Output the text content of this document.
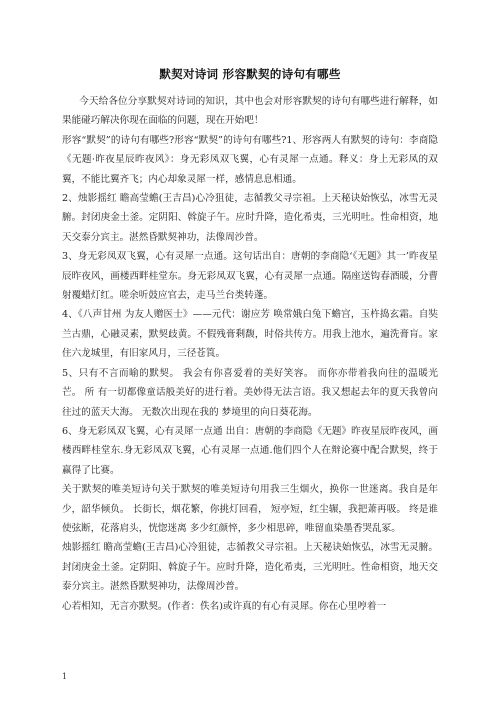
默契对诗词 形容默契的诗句有哪些

今天给各位分享默契对诗词的知识，其中也会对形容默契的诗句有哪些进行解释，如果能碰巧解决你现在面临的问题，现在开始吧！

形容“默契”的诗句有哪些?形容“默契”的诗句有哪些?1、形容两人有默契的诗句：李商隐《无题·昨夜星辰昨夜风》：身无彩凤双飞翼，心有灵犀一点通。释义：身上无彩凤的双翼，不能比翼齐飞；内心却象灵犀一样，感情息息相通。

2、烛影摇红 瞻高莹蟾(王吉昌)心冷狙徒，志循教父寻宗祖。上天秘诀始恢弘，冰雪无灵腑。封闭庚金土釜。定阴阳、斡旋子午。应时升降，造化希夷，三光明吐。性命相资，地天交泰分宾主。湛然昏默契神功，法像周沙普。

3、身无彩凤双飞翼，心有灵犀一点通。这句话出自：唐朝的李商隐‘《无题》其一’昨夜星辰昨夜风，画楼西畔桂堂东。身无彩凤双飞翼，心有灵犀一点通。隔座送钩春酒暖，分曹射覆蜡灯红。嗟余听鼓应官去，走马兰台类转蓬。

4、《八声甘州 为友人赠医士》——元代：谢应芳 唤常娥白兔下蟾宫，玉杵捣玄霜。自奘兰古鼎，心融灵素，默契歧黄。不假残膏剩馥，时俗共传方。用我上池水，遍洗膏肓。家住六龙城里，有旧家风月，三径苍筤。

5、只有不言而喻的默契。 我会有你喜爱着的美好笑容。 而你亦带着我向往的温暖光芒。 所 有一切都像童话般美好的进行着。美妙得无法言语。我又想起去年的夏天我曾向往过的蓝天大海。 无数次出现在我的 梦境里的向日葵花海。

6、身无彩凤双飞翼，心有灵犀一点通 出自：唐朝的李商隐《无题》昨夜星辰昨夜风，画楼西畔桂堂东.身无彩凤双飞翼，心有灵犀一点通.他们四个人在辩论赛中配合默契，终于赢得了比赛。

关于默契的唯美短诗句关于默契的唯美短诗句用我三生烟火，换你一世迷离。我自是年少，韶华倾负。 长街长，烟花繁，你挑灯回看， 短亭短，红尘辗，我把萧再吸。 终是谁使弦断，花落肩头，恍惚迷离 多少红颜悴，多少相思碎，唯留血染墨香哭乱冢。

烛影摇红 瞻高莹蟾(王吉昌)心冷狙徒，志循教父寻宗祖。上天秘诀始恢弘，冰雪无灵腑。封闭庚金土釜。定阴阳、斡旋子午。应时升降，造化希夷，三光明吐。性命相资，地天交泰分宾主。湛然昏默契神功，法像周沙普。

心若相知，无言亦默契。(作者：佚名)或许真的有心有灵犀。你在心里哼着一

1
